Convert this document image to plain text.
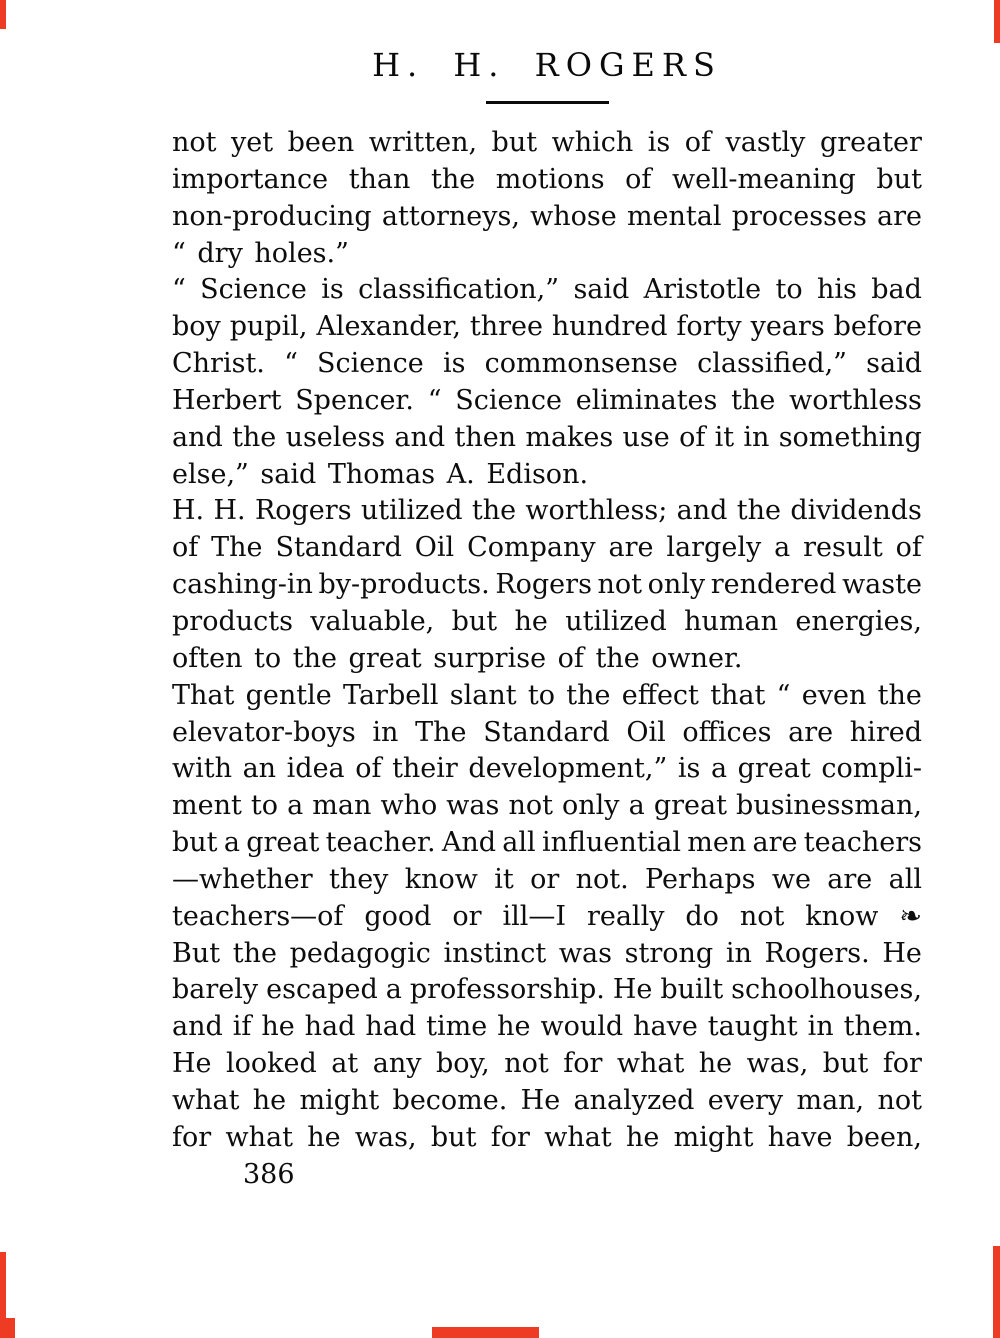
H. H. ROGERS
not yet been written, but which is of vastly greater
importance than the motions of well-meaning but
non-producing attorneys, whose mental processes are
“ dry holes.”
“ Science is classification,” said Aristotle to his bad
boy pupil, Alexander, three hundred forty years before
Christ. “ Science is commonsense classified,” said
Herbert Spencer. “ Science eliminates the worthless
and the useless and then makes use of it in something
else,” said Thomas A. Edison.
H. H. Rogers utilized the worthless; and the dividends
of The Standard Oil Company are largely a result of
cashing-in by-products. Rogers not only rendered waste
products valuable, but he utilized human energies,
often to the great surprise of the owner.
That gentle Tarbell slant to the effect that “ even the
elevator-boys in The Standard Oil offices are hired
with an idea of their development,” is a great compli-
ment to a man who was not only a great businessman,
but a great teacher. And all influential men are teachers
—whether they know it or not. Perhaps we are all
teachers—of good or ill—I really do not know ❧
But the pedagogic instinct was strong in Rogers. He
barely escaped a professorship. He built schoolhouses,
and if he had had time he would have taught in them.
He looked at any boy, not for what he was, but for
what he might become. He analyzed every man, not
for what he was, but for what he might have been,
386
